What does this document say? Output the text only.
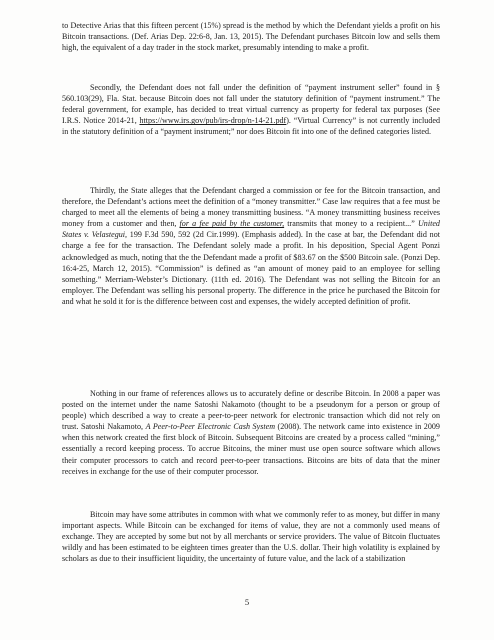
to Detective Arias that this fifteen percent (15%) spread is the method by which the Defendant yields a profit on his Bitcoin transactions. (Def. Arias Dep. 22:6-8, Jan. 13, 2015). The Defendant purchases Bitcoin low and sells them high, the equivalent of a day trader in the stock market, presumably intending to make a profit.

Secondly, the Defendant does not fall under the definition of “payment instrument seller” found in § 560.103(29), Fla. Stat. because Bitcoin does not fall under the statutory definition of “payment instrument.” The federal government, for example, has decided to treat virtual currency as property for federal tax purposes (See I.R.S. Notice 2014-21, https://www.irs.gov/pub/irs-drop/n-14-21.pdf). “Virtual Currency” is not currently included in the statutory definition of a “payment instrument;” nor does Bitcoin fit into one of the defined categories listed.

Thirdly, the State alleges that the Defendant charged a commission or fee for the Bitcoin transaction, and therefore, the Defendant’s actions meet the definition of a “money transmitter.” Case law requires that a fee must be charged to meet all the elements of being a money transmitting business. “A money transmitting business receives money from a customer and then, for a fee paid by the customer, transmits that money to a recipient...” United States v. Velastegui, 199 F.3d 590, 592 (2d Cir.1999). (Emphasis added). In the case at bar, the Defendant did not charge a fee for the transaction. The Defendant solely made a profit. In his deposition, Special Agent Ponzi acknowledged as much, noting that the the Defendant made a profit of $83.67 on the $500 Bitcoin sale. (Ponzi Dep. 16:4-25, March 12, 2015). “Commission” is defined as “an amount of money paid to an employee for selling something.” Merriam-Webster’s Dictionary. (11th ed. 2016). The Defendant was not selling the Bitcoin for an employer. The Defendant was selling his personal property. The difference in the price he purchased the Bitcoin for and what he sold it for is the difference between cost and expenses, the widely accepted definition of profit.

Nothing in our frame of references allows us to accurately define or describe Bitcoin. In 2008 a paper was posted on the internet under the name Satoshi Nakamoto (thought to be a pseudonym for a person or group of people) which described a way to create a peer-to-peer network for electronic transaction which did not rely on trust. Satoshi Nakamoto, A Peer-to-Peer Electronic Cash System (2008). The network came into existence in 2009 when this network created the first block of Bitcoin. Subsequent Bitcoins are created by a process called “mining,” essentially a record keeping process. To accrue Bitcoins, the miner must use open source software which allows their computer processors to catch and record peer-to-peer transactions. Bitcoins are bits of data that the miner receives in exchange for the use of their computer processor.

Bitcoin may have some attributes in common with what we commonly refer to as money, but differ in many important aspects. While Bitcoin can be exchanged for items of value, they are not a commonly used means of exchange. They are accepted by some but not by all merchants or service providers. The value of Bitcoin fluctuates wildly and has been estimated to be eighteen times greater than the U.S. dollar. Their high volatility is explained by scholars as due to their insufficient liquidity, the uncertainty of future value, and the lack of a stabilization

5
